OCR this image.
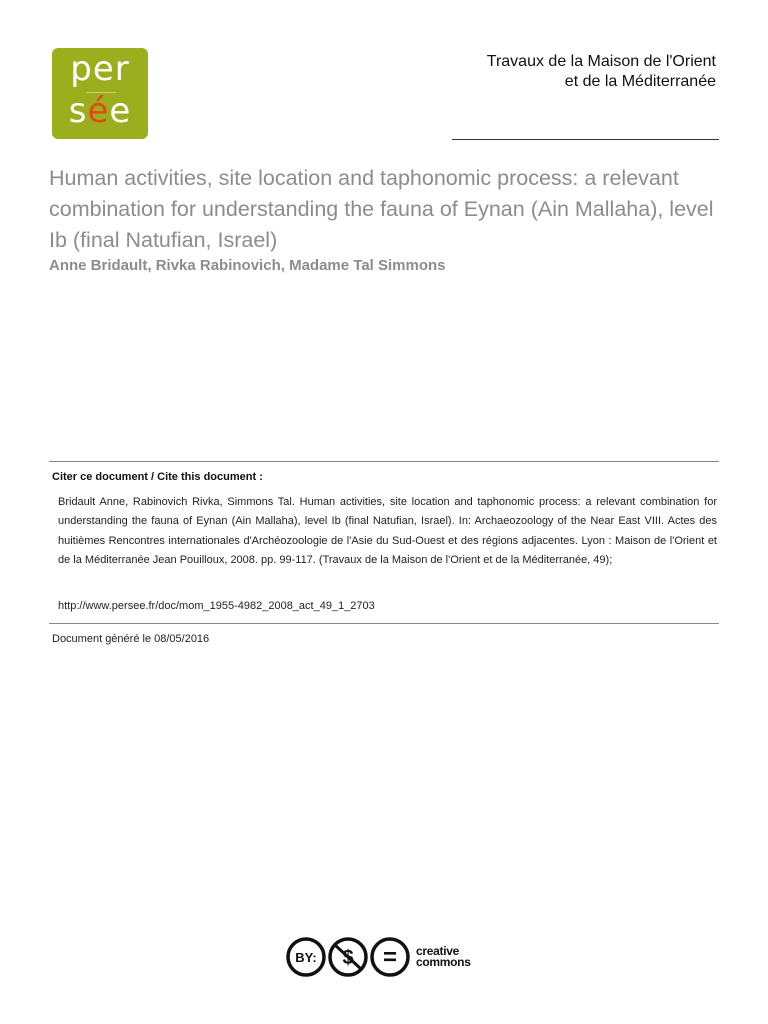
per
sée
Travaux de la Maison de l'Orient
et de la Méditerranée
Human activities, site location and taphonomic process: a relevant combination for understanding the fauna of Eynan (Ain Mallaha), level Ib (final Natufian, Israel)
Anne Bridault, Rivka Rabinovich, Madame Tal Simmons
Citer ce document / Cite this document :

Bridault Anne, Rabinovich Rivka, Simmons Tal. Human activities, site location and taphonomic process: a relevant combination for understanding the fauna of Eynan (Ain Mallaha), level Ib (final Natufian, Israel). In: Archaeozoology of the Near East VIII. Actes des huitièmes Rencontres internationales d'Archéozoologie de l'Asie du Sud-Ouest et des régions adjacentes. Lyon : Maison de l'Orient et de la Méditerranée Jean Pouilloux, 2008. pp. 99-117. (Travaux de la Maison de l'Orient et de la Méditerranée, 49);

http://www.persee.fr/doc/mom_1955-4982_2008_act_49_1_2703
Document généré le 08/05/2016
BY: $ = creative
commons
